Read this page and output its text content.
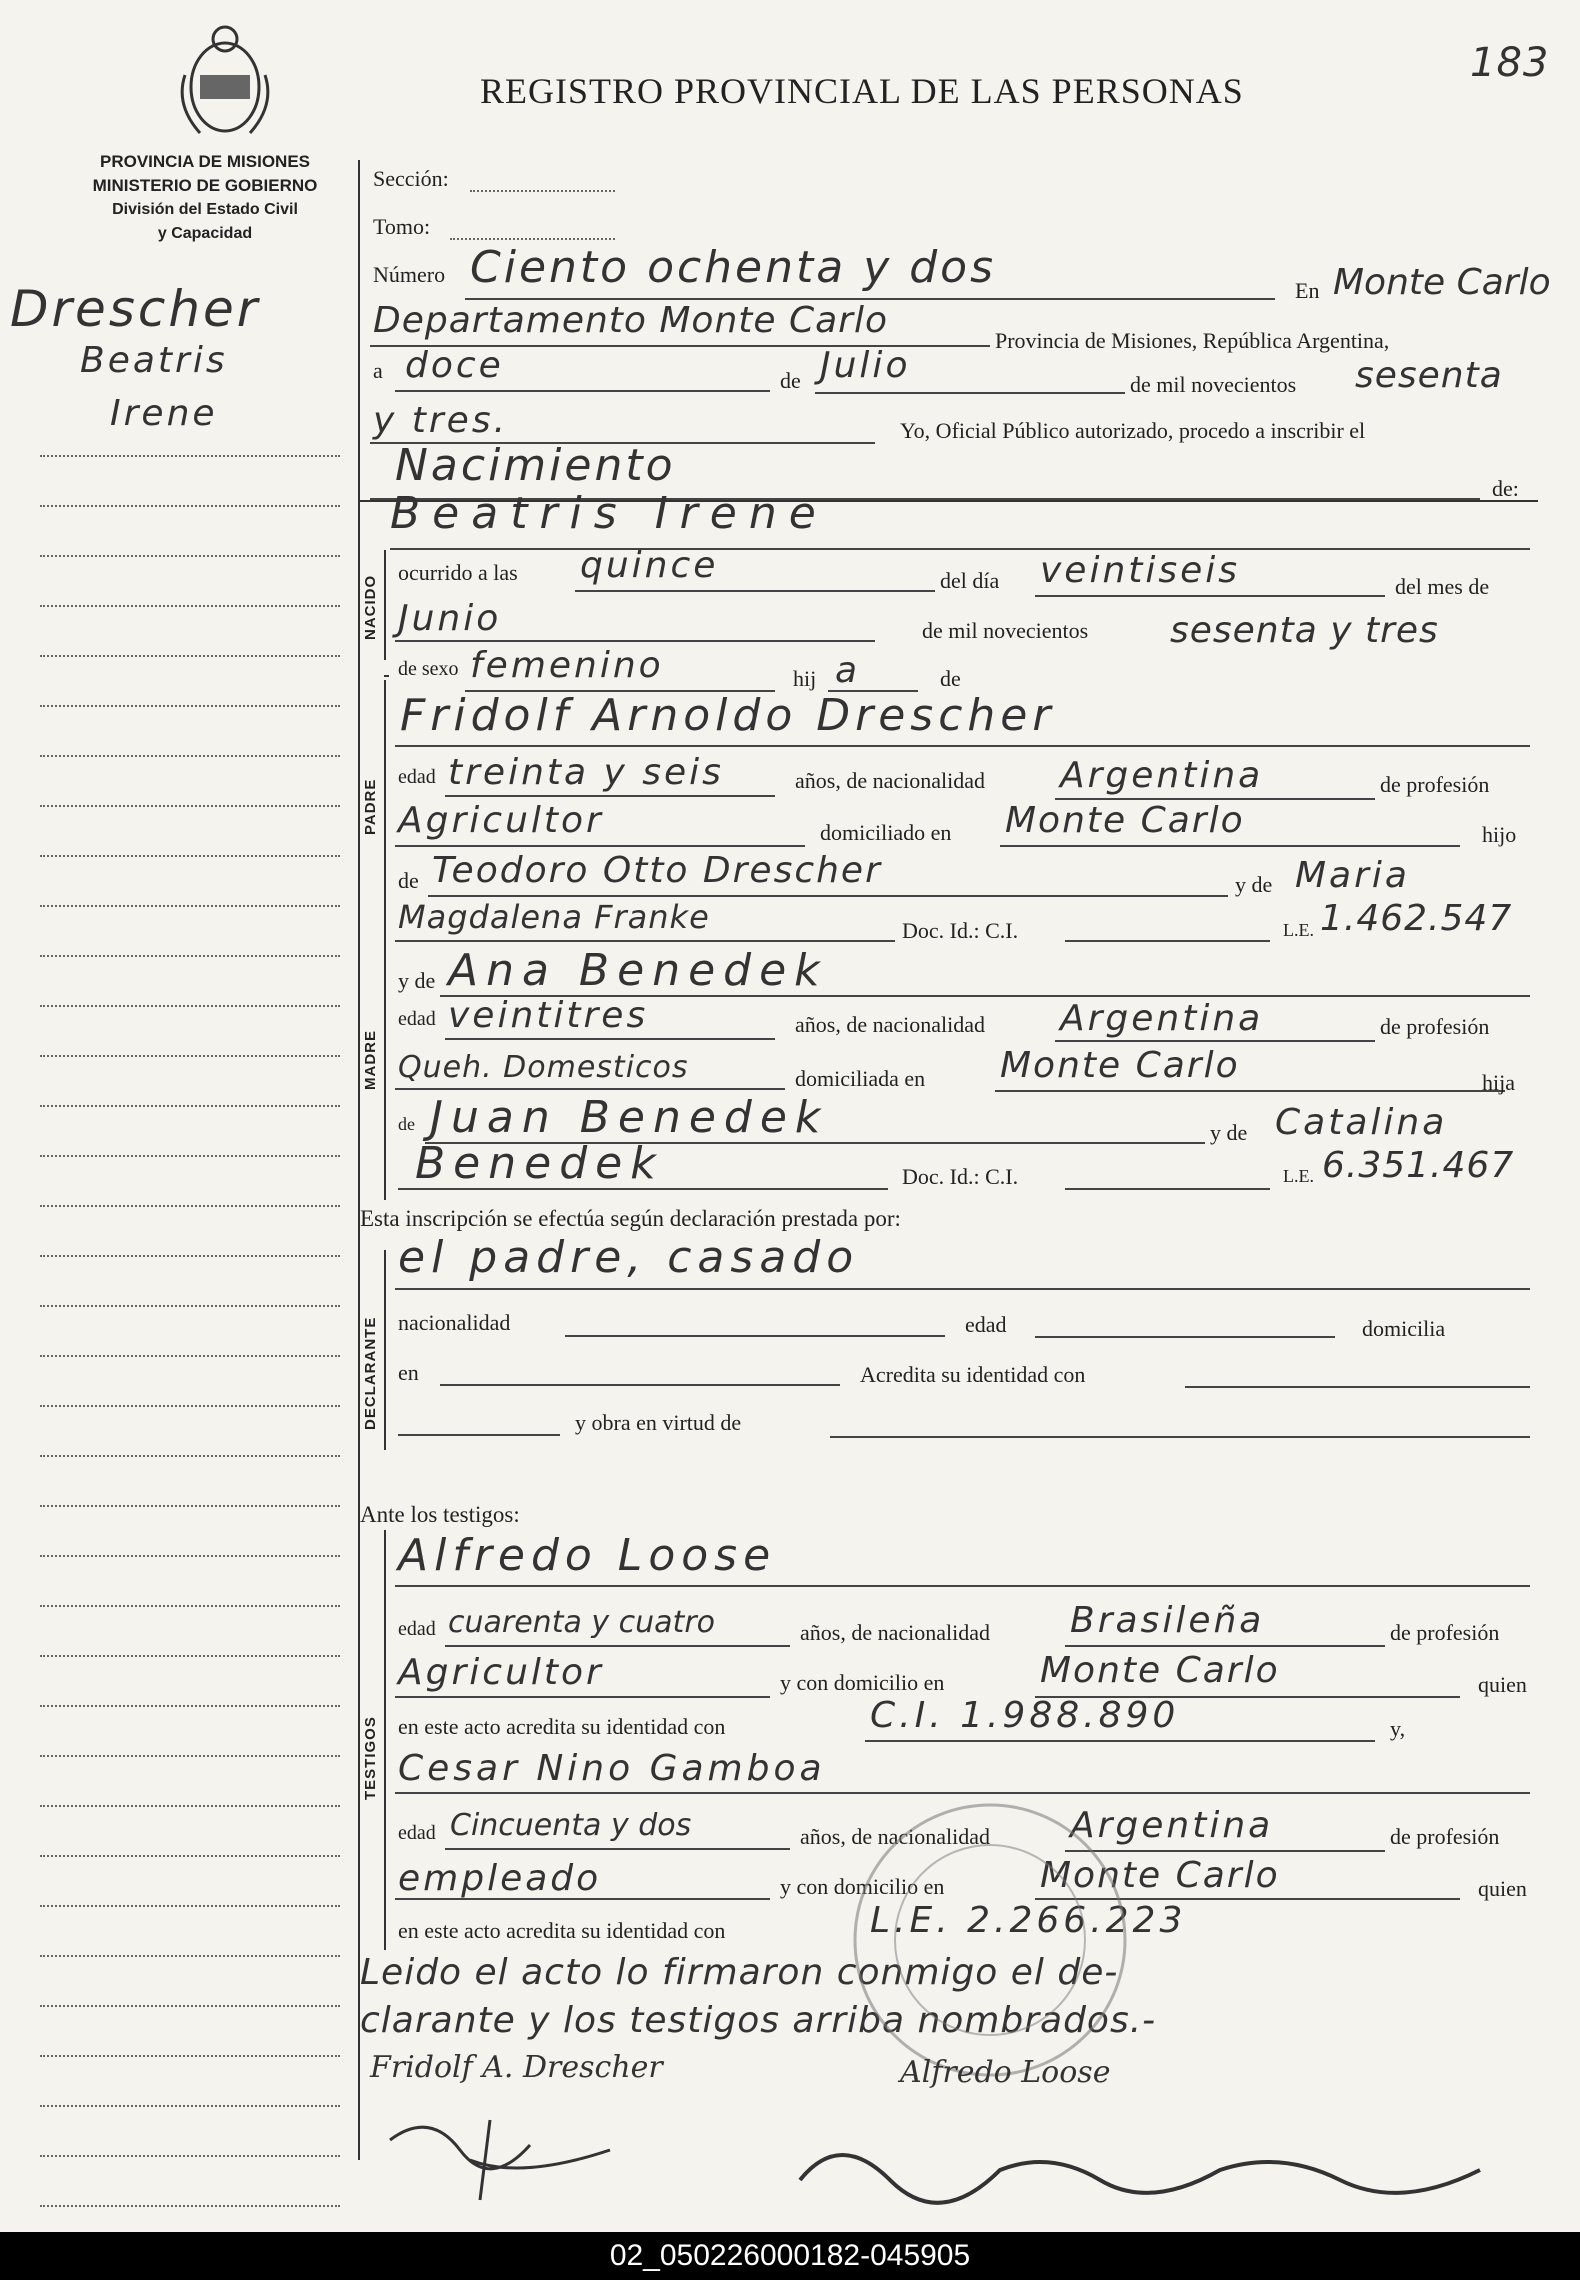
REGISTRO PROVINCIAL DE LAS PERSONAS
183
PROVINCIA DE MISIONES
MINISTERIO DE GOBIERNO
División del Estado Civil
y Capacidad
Drescher
Beatris
Irene
Sección:
Tomo:
Número Ciento ochenta y dos	En Monte Carlo
Departamento Monte Carlo	Provincia de Misiones, República Argentina,
a doce	de Julio	de mil novecientos sesenta
y tres.	Yo, Oficial Público autorizado, procedo a inscribir el
Nacimiento	de:
Beatris Irene
NACIDO
ocurrido a las quince	del día veintiseis	del mes de
Junio	de mil novecientos sesenta y tres
de sexo femenino	hij a	de
Fridolf Arnoldo Drescher
PADRE
edad treinta y seis	años, de nacionalidad Argentina	de profesión
Agricultor	domiciliado en Monte Carlo	hijo
de Teodoro Otto Drescher	y de Maria
Magdalena Franke	Doc. Id.: C.I.	L.E. 1.462.547
y de Ana Benedek
MADRE
edad veintitres	años, de nacionalidad Argentina	de profesión
Queh. Domesticos	domiciliada en Monte Carlo	hija
de Juan Benedek	y de Catalina
Benedek	Doc. Id.: C.I.	L.E. 6.351.467
Esta inscripción se efectúa según declaración prestada por:
el padre, casado
DECLARANTE nacionalidad	edad	domicilia
en	Acredita su identidad con
y obra en virtud de
Ante los testigos:
TESTIGOS
Alfredo Loose
edad cuarenta y cuatro	años, de nacionalidad Brasileña	de profesión
Agricultor	y con domicilio en	Monte Carlo	quien
en este acto acredita su identidad con	C.I. 1.988.890	y,
Cesar Nino Gamboa
edad Cincuenta y dos	años, de nacionalidad Argentina	de profesión
empleado	y con domicilio en	Monte Carlo	quien
en este acto acredita su identidad con	L.E. 2.266.223
Leido el acto lo firmaron conmigo el de-
clarante y los testigos arriba nombrados.-
Fridolf A. Drescher	Alfredo Loose
02_050226000182-045905
